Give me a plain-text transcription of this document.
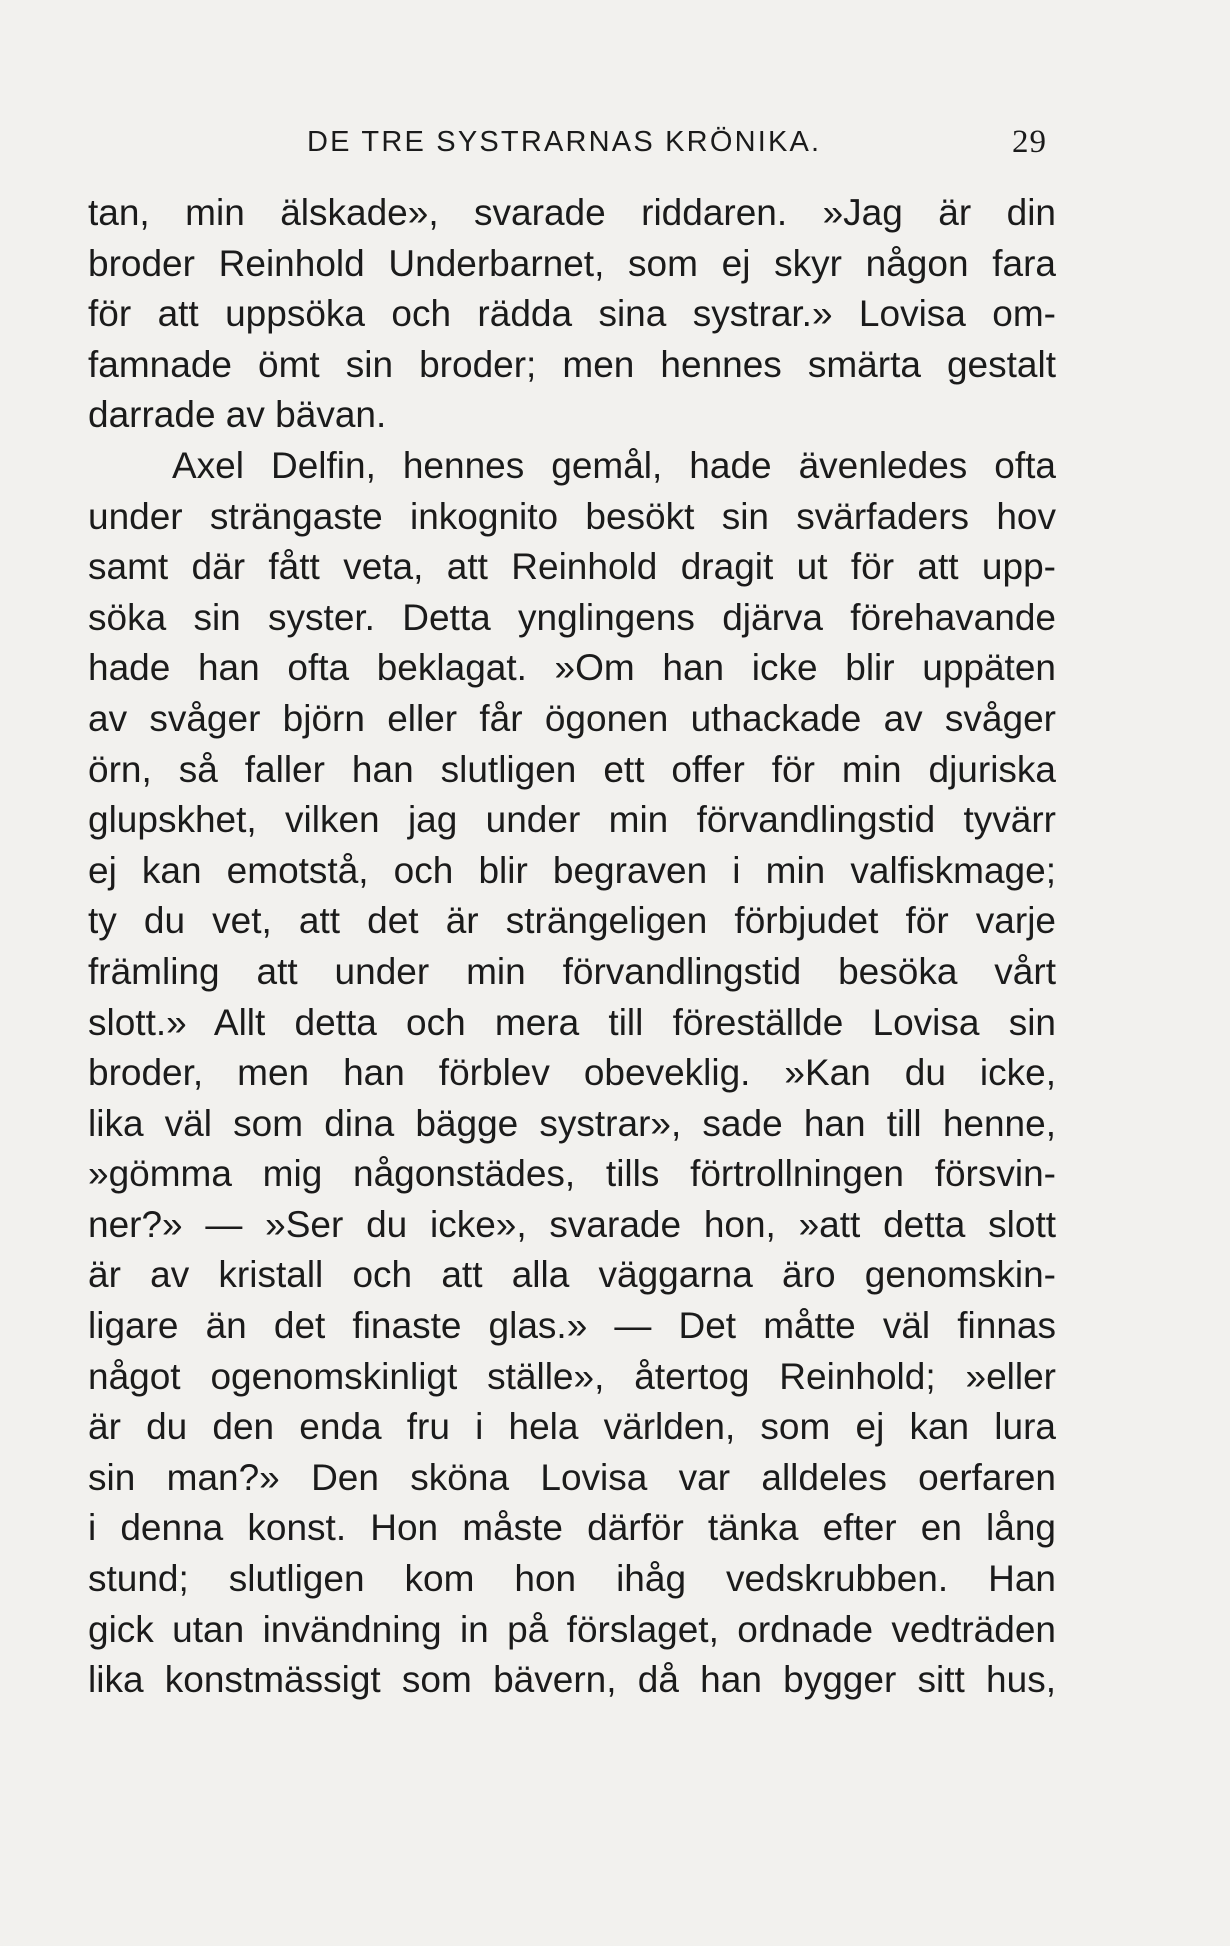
DE TRE SYSTRARNAS KRÖNIKA.	29
tan, min älskade», svarade riddaren. »Jag är din
broder Reinhold Underbarnet, som ej skyr någon fara
för att uppsöka och rädda sina systrar.» Lovisa om-
famnade ömt sin broder; men hennes smärta gestalt
darrade av bävan.
Axel Delfin, hennes gemål, hade ävenledes ofta
under strängaste inkognito besökt sin svärfaders hov
samt där fått veta, att Reinhold dragit ut för att upp-
söka sin syster. Detta ynglingens djärva förehavande
hade han ofta beklagat. »Om han icke blir uppäten
av svåger björn eller får ögonen uthackade av svåger
örn, så faller han slutligen ett offer för min djuriska
glupskhet, vilken jag under min förvandlingstid tyvärr
ej kan emotstå, och blir begraven i min valfiskmage;
ty du vet, att det är strängeligen förbjudet för varje
främling att under min förvandlingstid besöka vårt
slott.» Allt detta och mera till föreställde Lovisa sin
broder, men han förblev obeveklig. »Kan du icke,
lika väl som dina bägge systrar», sade han till henne,
»gömma mig någonstädes, tills förtrollningen försvin-
ner?» — »Ser du icke», svarade hon, »att detta slott
är av kristall och att alla väggarna äro genomskin-
ligare än det finaste glas.» — Det måtte väl finnas
något ogenomskinligt ställe», återtog Reinhold; »eller
är du den enda fru i hela världen, som ej kan lura
sin man?» Den sköna Lovisa var alldeles oerfaren
i denna konst. Hon måste därför tänka efter en lång
stund; slutligen kom hon ihåg vedskrubben. Han
gick utan invändning in på förslaget, ordnade vedträden
lika konstmässigt som bävern, då han bygger sitt hus,
